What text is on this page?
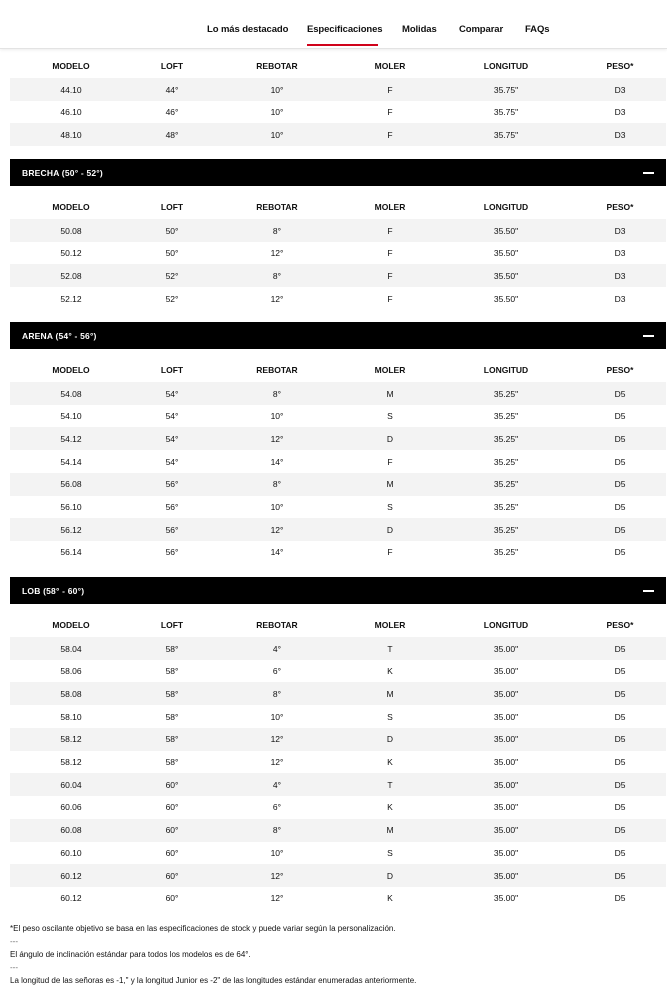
Lo más destacado Especificaciones Molidas Comparar FAQs
MODELO	LOFT	REBOTAR	MOLER	LONGITUD	PESO*
44.10	44°	10°	F	35.75"	D3
46.10	46°	10°	F	35.75"	D3
48.10	48°	10°	F	35.75"	D3
BRECHA (50° - 52°)
MODELO	LOFT	REBOTAR	MOLER	LONGITUD	PESO*
50.08	50°	8°	F	35.50"	D3
50.12	50°	12°	F	35.50"	D3
52.08	52°	8°	F	35.50"	D3
52.12	52°	12°	F	35.50"	D3
ARENA (54° - 56°)
MODELO	LOFT	REBOTAR	MOLER	LONGITUD	PESO*
54.08	54°	8°	M	35.25"	D5
54.10	54°	10°	S	35.25"	D5
54.12	54°	12°	D	35.25"	D5
54.14	54°	14°	F	35.25"	D5
56.08	56°	8°	M	35.25"	D5
56.10	56°	10°	S	35.25"	D5
56.12	56°	12°	D	35.25"	D5
56.14	56°	14°	F	35.25"	D5
LOB (58° - 60°)
MODELO	LOFT	REBOTAR	MOLER	LONGITUD	PESO*
58.04	58°	4°	T	35.00"	D5
58.06	58°	6°	K	35.00"	D5
58.08	58°	8°	M	35.00"	D5
58.10	58°	10°	S	35.00"	D5
58.12	58°	12°	D	35.00"	D5
58.12	58°	12°	K	35.00"	D5
60.04	60°	4°	T	35.00"	D5
60.06	60°	6°	K	35.00"	D5
60.08	60°	8°	M	35.00"	D5
60.10	60°	10°	S	35.00"	D5
60.12	60°	12°	D	35.00"	D5
60.12	60°	12°	K	35.00"	D5
*El peso oscilante objetivo se basa en las especificaciones de stock y puede variar según la personalización.
---
El ángulo de inclinación estándar para todos los modelos es de 64°.
---
La longitud de las señoras es -1," y la longitud Junior es -2" de las longitudes estándar enumeradas anteriormente.
